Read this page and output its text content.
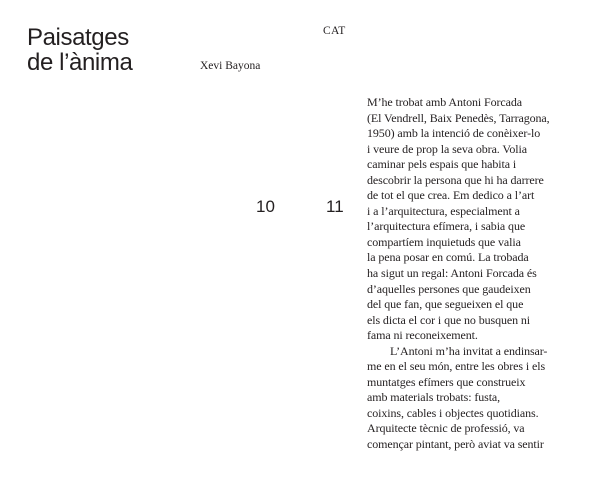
Paisatges
de l’ànima	Xevi Bayona
CAT
10	11
M’he trobat amb Antoni Forcada
(El Vendrell, Baix Penedès, Tarragona,
1950) amb la intenció de conèixer-lo
i veure de prop la seva obra. Volia
caminar pels espais que habita i
descobrir la persona que hi ha darrere
de tot el que crea. Em dedico a l’art
i a l’arquitectura, especialment a
l’arquitectura efímera, i sabia que
compartíem inquietuds que valia
la pena posar en comú. La trobada
ha sigut un regal: Antoni Forcada és
d’aquelles persones que gaudeixen
del que fan, que segueixen el que
els dicta el cor i que no busquen ni
fama ni reconeixement.
L’Antoni m’ha invitat a endinsar-
me en el seu món, entre les obres i els
muntatges efímers que construeix
amb materials trobats: fusta,
coixins, cables i objectes quotidians.
Arquitecte tècnic de professió, va
començar pintant, però aviat va sentir
